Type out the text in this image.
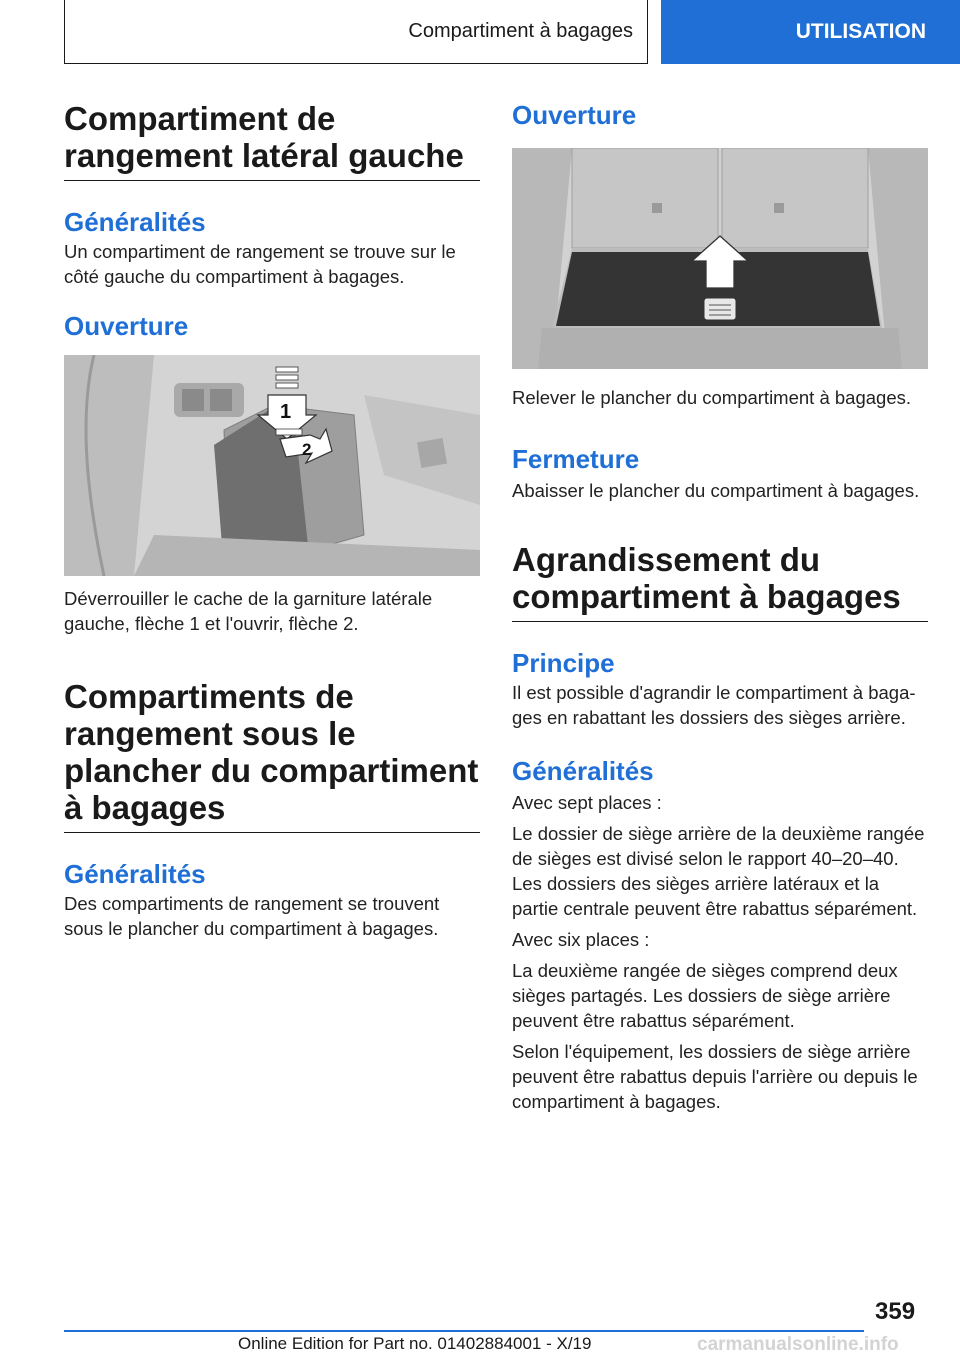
Compartiment à bagages	UTILISATION
Compartiment de rangement latéral gauche
Généralités

Un compartiment de rangement se trouve sur le côté gauche du compartiment à bagages.

Ouverture
1
2

Déverrouiller le cache de la garniture latérale gauche, flèche 1 et l'ouvrir, flèche 2.

Compartiments de rangement sous le plancher du compartiment à bagages
Généralités

Des compartiments de rangement se trouvent sous le plancher du compartiment à bagages.

Ouverture

Relever le plancher du compartiment à bagages.

Fermeture

Abaisser le plancher du compartiment à bagages.

Agrandissement du compartiment à bagages
Principe

Il est possible d'agrandir le compartiment à bagages en rabattant les dossiers des sièges arrière.

Généralités

Avec sept places :

Le dossier de siège arrière de la deuxième rangée de sièges est divisé selon le rapport 40–20–40. Les dossiers des sièges arrière latéraux et la partie centrale peuvent être rabattus séparément.

Avec six places :

La deuxième rangée de sièges comprend deux sièges partagés. Les dossiers de siège arrière peuvent être rabattus séparément.

Selon l'équipement, les dossiers de siège arrière peuvent être rabattus depuis l'arrière ou depuis le compartiment à bagages.

359
Online Edition for Part no. 01402884001 - X/19	carmanualsonline.info
